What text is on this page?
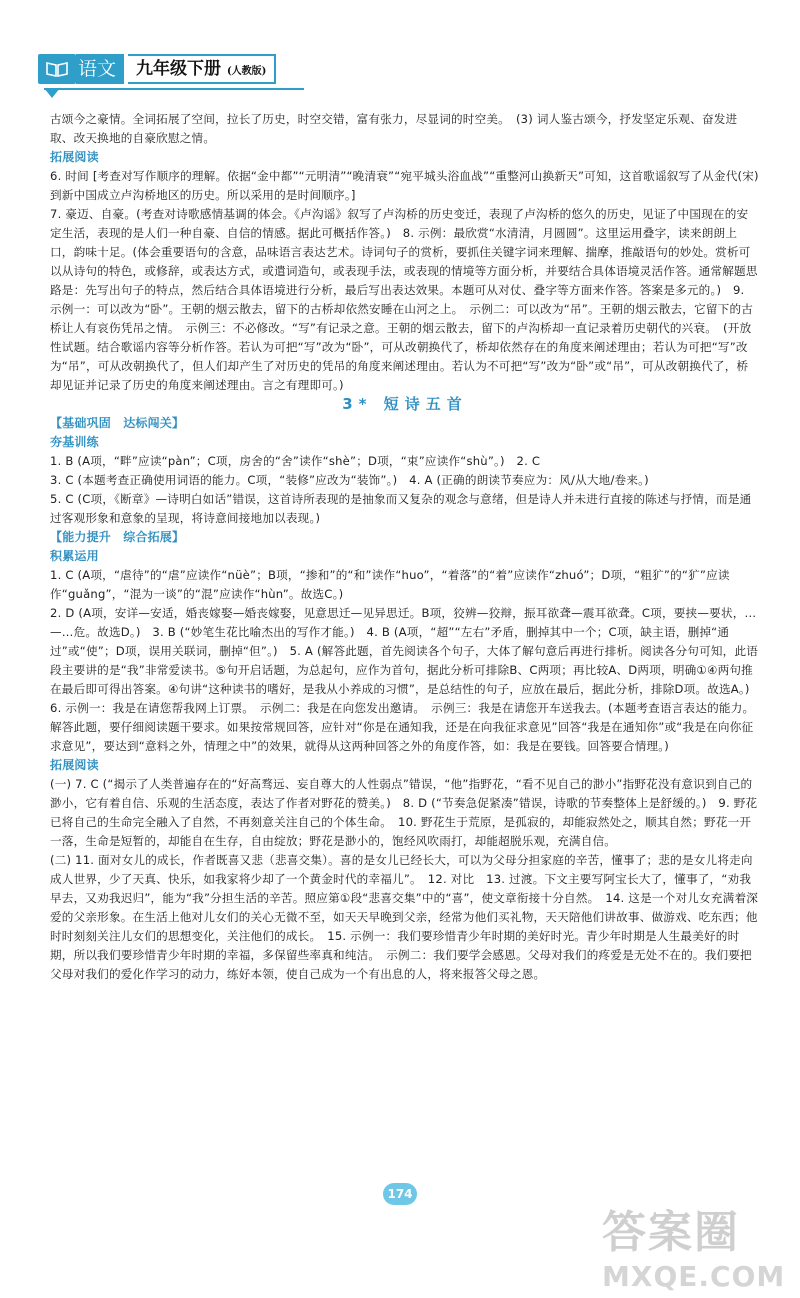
语文	九年级下册 (人教版)

古颂今之豪情。全词拓展了空间，拉长了历史，时空交错，富有张力，尽显词的时空美。　(3) 词人鉴古颂今，抒发坚定乐观、奋发进取、改天换地的自豪欣慰之情。

拓展阅读

6. 时间 [考查对写作顺序的理解。依据“金中都”“元明清”“晚清衰”“宛平城头浴血战”“重整河山换新天”可知，这首歌谣叙写了从金代(宋)到新中国成立卢沟桥地区的历史。所以采用的是时间顺序。]

7. 豪迈、自豪。(考查对诗歌感情基调的体会。《卢沟谣》叙写了卢沟桥的历史变迁，表现了卢沟桥的悠久的历史，见证了中国现在的安定生活，表现的是人们一种自豪、自信的情感。据此可概括作答。)　8. 示例：最欣赏“水清清，月圆圆”。这里运用叠字，读来朗朗上口，韵味十足。(体会重要语句的含意，品味语言表达艺术。诗词句子的赏析，要抓住关键字词来理解、揣摩，推敲语句的妙处。赏析可以从诗句的特色，或修辞，或表达方式，或遣词造句，或表现手法，或表现的情境等方面分析，并要结合具体语境灵活作答。通常解题思路是：先写出句子的特点，然后结合具体语境进行分析，最后写出表达效果。本题可从对仗、叠字等方面来作答。答案是多元的。)　9. 示例一：可以改为“卧”。王朝的烟云散去，留下的古桥却依然安睡在山河之上。　示例二：可以改为“吊”。王朝的烟云散去，它留下的古桥让人有哀伤凭吊之情。　示例三：不必修改。“写”有记录之意。王朝的烟云散去，留下的卢沟桥却一直记录着历史朝代的兴衰。　(开放性试题。结合歌谣内容等分析作答。若认为可把“写”改为“卧”，可从改朝换代了，桥却依然存在的角度来阐述理由；若认为可把“写”改为“吊”，可从改朝换代了，但人们却产生了对历史的凭吊的角度来阐述理由。若认为不可把“写”改为“卧”或“吊”，可从改朝换代了，桥却见证并记录了历史的角度来阐述理由。言之有理即可。)

3* 短诗五首

【基础巩固　达标闯关】

夯基训练

1. B (A项，“畔”应读“pàn”；C项，房舍的“舍”读作“shè”；D项，“束”应读作“shù”。)　2. C

3. C (本题考查正确使用词语的能力。C项，“装修”应改为“装饰”。)　4. A (正确的朗读节奏应为：风/从大地/卷来。)

5. C (C项，《断章》—诗明白如话”错误，这首诗所表现的是抽象而又复杂的观念与意绪，但是诗人并未进行直接的陈述与抒情，而是通过客观形象和意象的呈现，将诗意间接地加以表现。)

【能力提升　综合拓展】

积累运用

1. C (A项，“虐待”的“虐”应读作“nüè”；B项，“掺和”的“和”读作“huo”，“着落”的“着”应读作“zhuó”；D项，“粗犷”的“犷”应读作“guǎng”，“混为一谈”的“混”应读作“hùn”。故选C。)

2. D (A项，安详—安适，婚丧嫁娶—婚丧嫁娶，见意思迁—见异思迁。B项，狡辨—狡辩，振耳欲聋—震耳欲聋。C项，要挟—要状，…—…危。故选D。)　3. B (“妙笔生花比喻杰出的写作才能。)　4. B (A项，“超”“左右”矛盾，删掉其中一个；C项，缺主语，删掉“通过”或“使”；D项，误用关联词，删掉“但”。)　5. A (解答此题，首先阅读各个句子，大体了解句意后再进行排析。阅读各分句可知，此语段主要讲的是“我”非常爱读书。⑤句开启话题，为总起句，应作为首句，据此分析可排除B、C两项；再比较A、D两项，明确①④两句推在最后即可得出答案。④句讲“这种读书的嗜好，是我从小养成的习惯”，是总结性的句子，应放在最后，据此分析，排除D项。故选A。)　6. 示例一：我是在请您帮我网上订票。　示例二：我是在向您发出邀请。　示例三：我是在请您开车送我去。(本题考查语言表达的能力。解答此题，要仔细阅读题干要求。如果按常规回答，应针对“你是在通知我，还是在向我征求意见”回答“我是在通知你”或“我是在向你征求意见”，要达到“意料之外，情理之中”的效果，就得从这两种回答之外的角度作答，如：我是在要钱。回答要合情理。)

拓展阅读

(一) 7. C (“揭示了人类普遍存在的“好高骛远、妄自尊大的人性弱点”错误，“他”指野花，“看不见自己的渺小”指野花没有意识到自己的渺小，它有着自信、乐观的生活态度，表达了作者对野花的赞美。)　8. D (“节奏急促紧凑”错误，诗歌的节奏整体上是舒缓的。)　9. 野花已将自己的生命完全融入了自然，不再刻意关注自己的个体生命。　10. 野花生于荒原，是孤寂的，却能寂然处之，顺其自然；野花一开一落，生命是短暂的，却能自在生存，自由绽放；野花是渺小的，饱经风吹雨打，却能超脱乐观，充满自信。

(二) 11. 面对女儿的成长，作者既喜又悲（悲喜交集）。喜的是女儿已经长大，可以为父母分担家庭的辛苦，懂事了；悲的是女儿将走向成人世界，少了天真、快乐，如我家将少却了一个黄金时代的幸福儿”。　12. 对比　13. 过渡。下文主要写阿宝长大了，懂事了，“劝我早去，又劝我迟归”，能为“我”分担生活的辛苦。照应第①段“悲喜交集”中的“喜”，使文章衔接十分自然。　14. 这是一个对儿女充满着深爱的父亲形象。在生活上他对儿女们的关心无微不至，如天天早晚到父亲，经常为他们买礼物，天天陪他们讲故事、做游戏、吃东西；他时时刻刻关注儿女们的思想变化，关注他们的成长。　15. 示例一：我们要珍惜青少年时期的美好时光。青少年时期是人生最美好的时期，所以我们要珍惜青少年时期的幸福，多保留些率真和纯洁。　示例二：我们要学会感恩。父母对我们的疼爱是无处不在的。我们要把父母对我们的爱化作学习的动力，练好本领，使自己成为一个有出息的人，将来报答父母之恩。

174
答案圈
MXQE.COM
